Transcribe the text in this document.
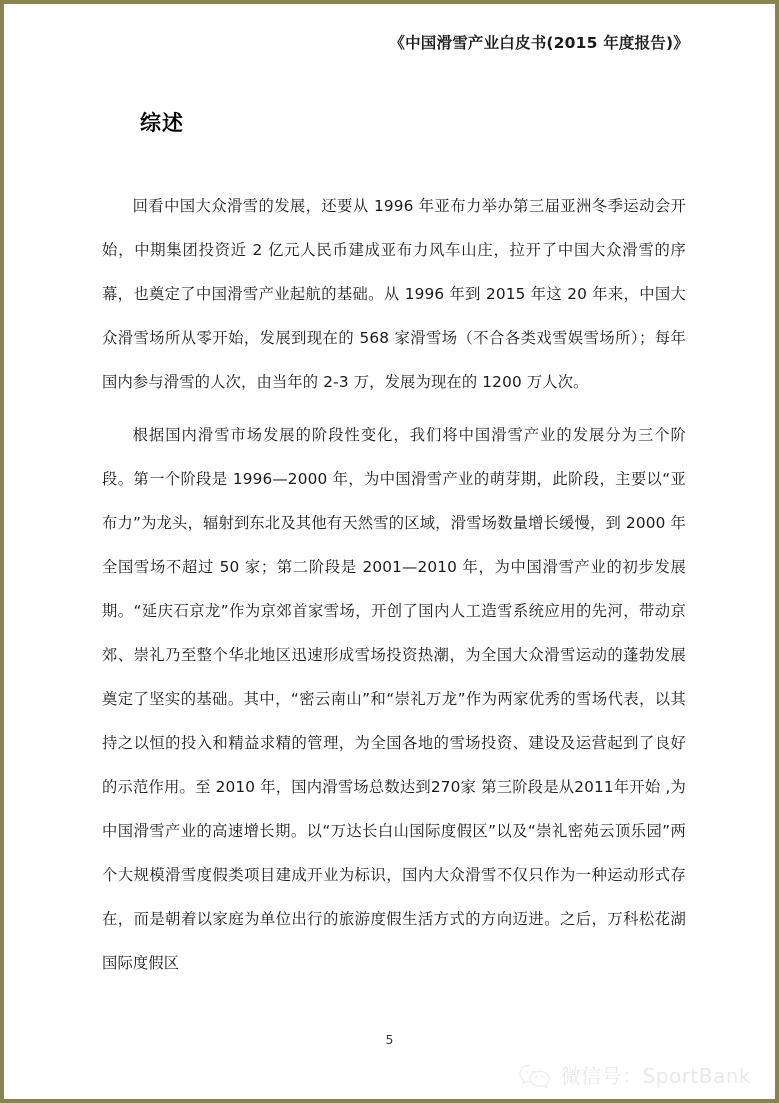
《中国滑雪产业白皮书(2015 年度报告)》
综述

回看中国大众滑雪的发展，还要从 1996 年亚布力举办第三届亚洲冬季运动会开始，中期集团投资近 2 亿元人民币建成亚布力风车山庄，拉开了中国大众滑雪的序幕，也奠定了中国滑雪产业起航的基础。从 1996 年到 2015 年这 20 年来，中国大众滑雪场所从零开始，发展到现在的 568 家滑雪场（不合各类戏雪娱雪场所）；每年国内参与滑雪的人次，由当年的 2-3 万，发展为现在的 1200 万人次。

根据国内滑雪市场发展的阶段性变化，我们将中国滑雪产业的发展分为三个阶段。第一个阶段是 1996—2000 年，为中国滑雪产业的萌芽期，此阶段，主要以“亚布力”为龙头，辐射到东北及其他有天然雪的区域，滑雪场数量增长缓慢，到 2000 年全国雪场不超过 50 家；第二阶段是 2001—2010 年，为中国滑雪产业的初步发展期。“延庆石京龙”作为京郊首家雪场，开创了国内人工造雪系统应用的先河，带动京郊、崇礼乃至整个华北地区迅速形成雪场投资热潮，为全国大众滑雪运动的蓬勃发展奠定了坚实的基础。其中，“密云南山”和“崇礼万龙”作为两家优秀的雪场代表，以其持之以恒的投入和精益求精的管理，为全国各地的雪场投资、建设及运营起到了良好的示范作用。至 2010 年，国内滑雪场总数达到270家 第三阶段是从2011年开始 ,为中国滑雪产业的高速增长期。以“万达长白山国际度假区”以及“崇礼密苑云顶乐园”两个大规模滑雪度假类项目建成开业为标识，国内大众滑雪不仅只作为一种运动形式存在，而是朝着以家庭为单位出行的旅游度假生活方式的方向迈进。之后，万科松花湖国际度假区

5
微信号：SportBank
